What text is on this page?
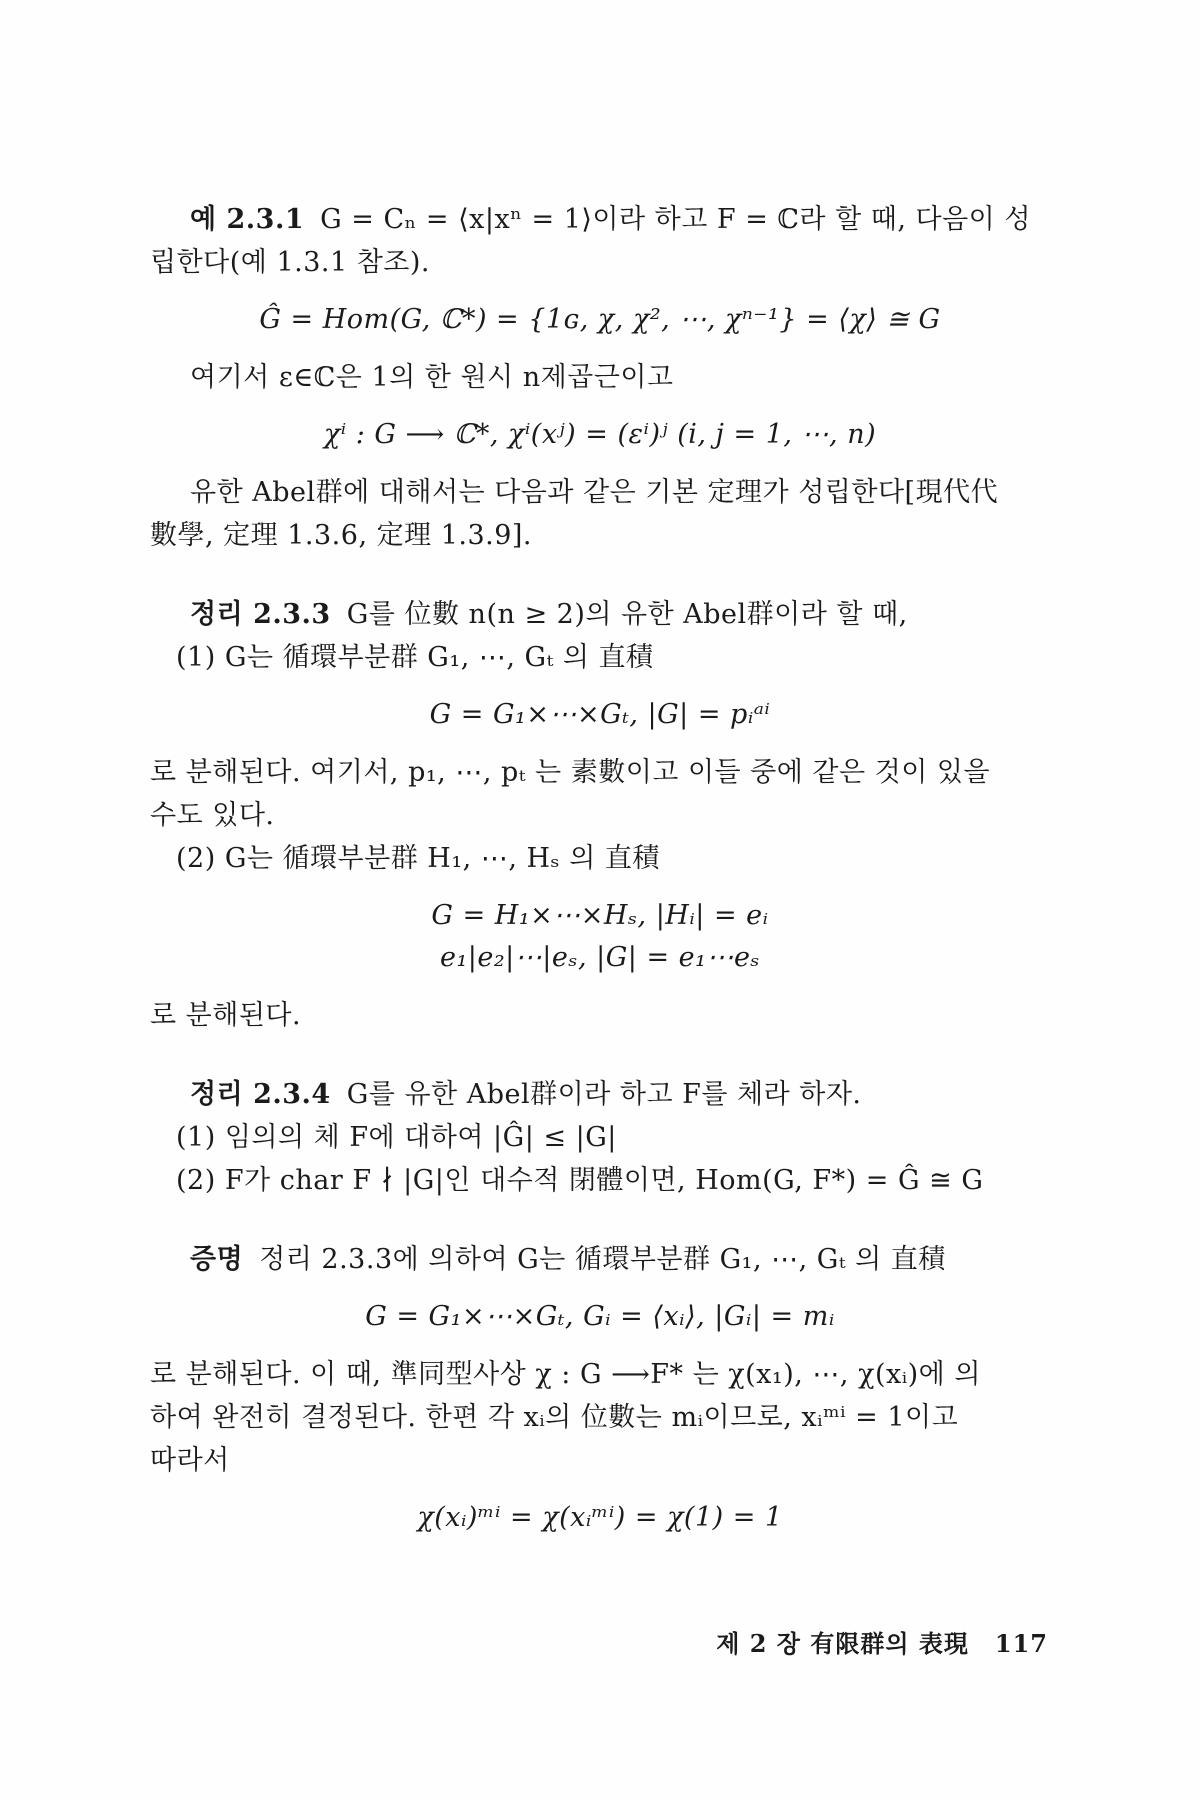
예 2.3.1 G = Cₙ = ⟨x|xⁿ = 1⟩이라 하고 F = ℂ라 할 때, 다음이 성
립한다(예 1.3.1 참조).
Ĝ = Hom(G, ℂ*) = {1ɢ, χ, χ², ⋯, χⁿ⁻¹} = ⟨χ⟩ ≅ G
여기서 ε∈ℂ은 1의 한 원시 n제곱근이고
χⁱ : G ⟶ ℂ*, χⁱ(xʲ) = (εⁱ)ʲ (i, j = 1, ⋯, n)
유한 Abel群에 대해서는 다음과 같은 기본 定理가 성립한다[現代代
數學, 定理 1.3.6, 定理 1.3.9].
정리 2.3.3 G를 位數 n(n ≥ 2)의 유한 Abel群이라 할 때,
(1) G는 循環부분群 G₁, ⋯, Gₜ 의 直積
G = G₁×⋯×Gₜ, |G| = pᵢᵃⁱ
로 분해된다. 여기서, p₁, ⋯, pₜ 는 素數이고 이들 중에 같은 것이 있을
수도 있다.
(2) G는 循環부분群 H₁, ⋯, Hₛ 의 直積
G = H₁×⋯×Hₛ, |Hᵢ| = eᵢ
e₁|e₂|⋯|eₛ, |G| = e₁⋯eₛ
로 분해된다.
정리 2.3.4 G를 유한 Abel群이라 하고 F를 체라 하자.
(1) 임의의 체 F에 대하여 |Ĝ| ≤ |G|
(2) F가 char F ∤ |G|인 대수적 閉體이면, Hom(G, F*) = Ĝ ≅ G
증명 정리 2.3.3에 의하여 G는 循環부분群 G₁, ⋯, Gₜ 의 直積
G = G₁×⋯×Gₜ, Gᵢ = ⟨xᵢ⟩, |Gᵢ| = mᵢ
로 분해된다. 이 때, 準同型사상 χ : G ⟶F* 는 χ(x₁), ⋯, χ(xᵢ)에 의
하여 완전히 결정된다. 한편 각 xᵢ의 位數는 mᵢ이므로, xᵢᵐⁱ = 1이고
따라서
χ(xᵢ)ᵐⁱ = χ(xᵢᵐⁱ) = χ(1) = 1
제 2 장 有限群의 表現 117
